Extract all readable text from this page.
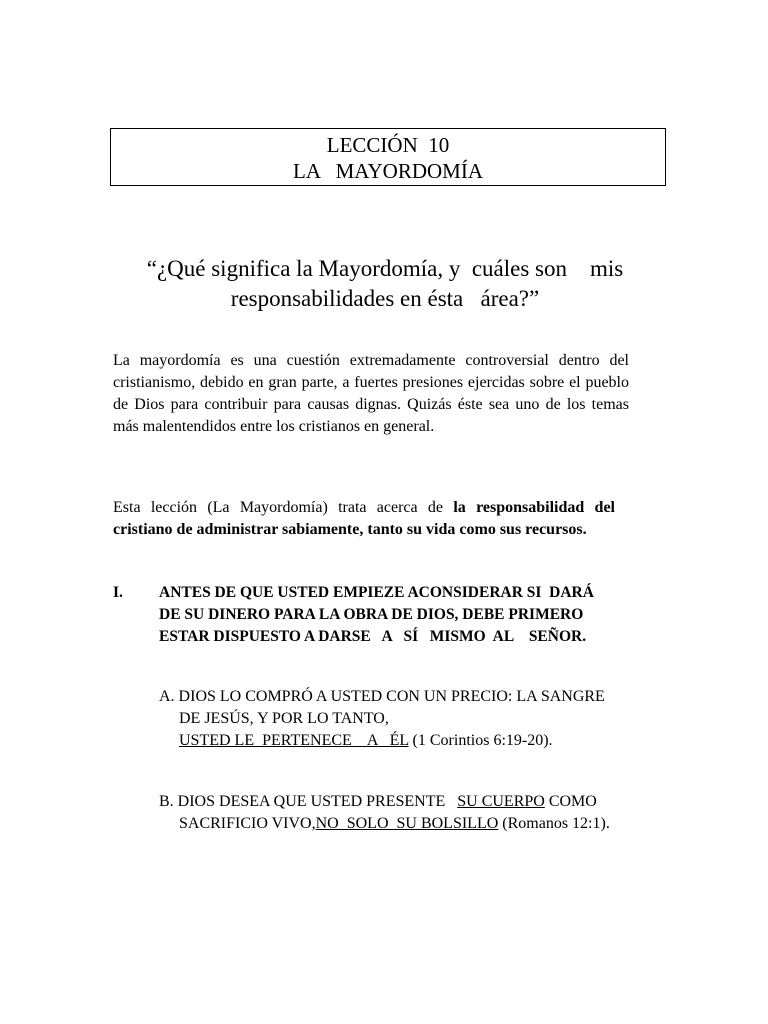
LECCIÓN  10
LA   MAYORDOMÍA
“¿Qué significa la Mayordomía, y  cuáles son    mis
responsabilidades en ésta   área?”
La mayordomía es una cuestión extremadamente controversial dentro del cristianismo, debido en gran parte, a fuertes presiones ejercidas sobre el pueblo de Dios para contribuir para causas dignas. Quizás éste sea uno de los temas más malentendidos entre los cristianos en general.
Esta lección (La Mayordomía) trata acerca de la responsabilidad del cristiano de administrar sabiamente, tanto su vida como sus recursos.
I. ANTES DE QUE USTED EMPIEZE ACONSIDERAR SI  DARÁ
DE SU DINERO PARA LA OBRA DE DIOS, DEBE PRIMERO
ESTAR DISPUESTO A DARSE   A   SÍ   MISMO  AL    SEÑOR.
A. DIOS LO COMPRÓ A USTED CON UN PRECIO: LA SANGRE
DE JESÚS, Y POR LO TANTO,
USTED LE  PERTENECE    A   ÉL (1 Corintios 6:19-20).
B. DIOS DESEA QUE USTED PRESENTE   SU CUERPO COMO
SACRIFICIO VIVO,NO  SOLO  SU BOLSILLO (Romanos 12:1).
